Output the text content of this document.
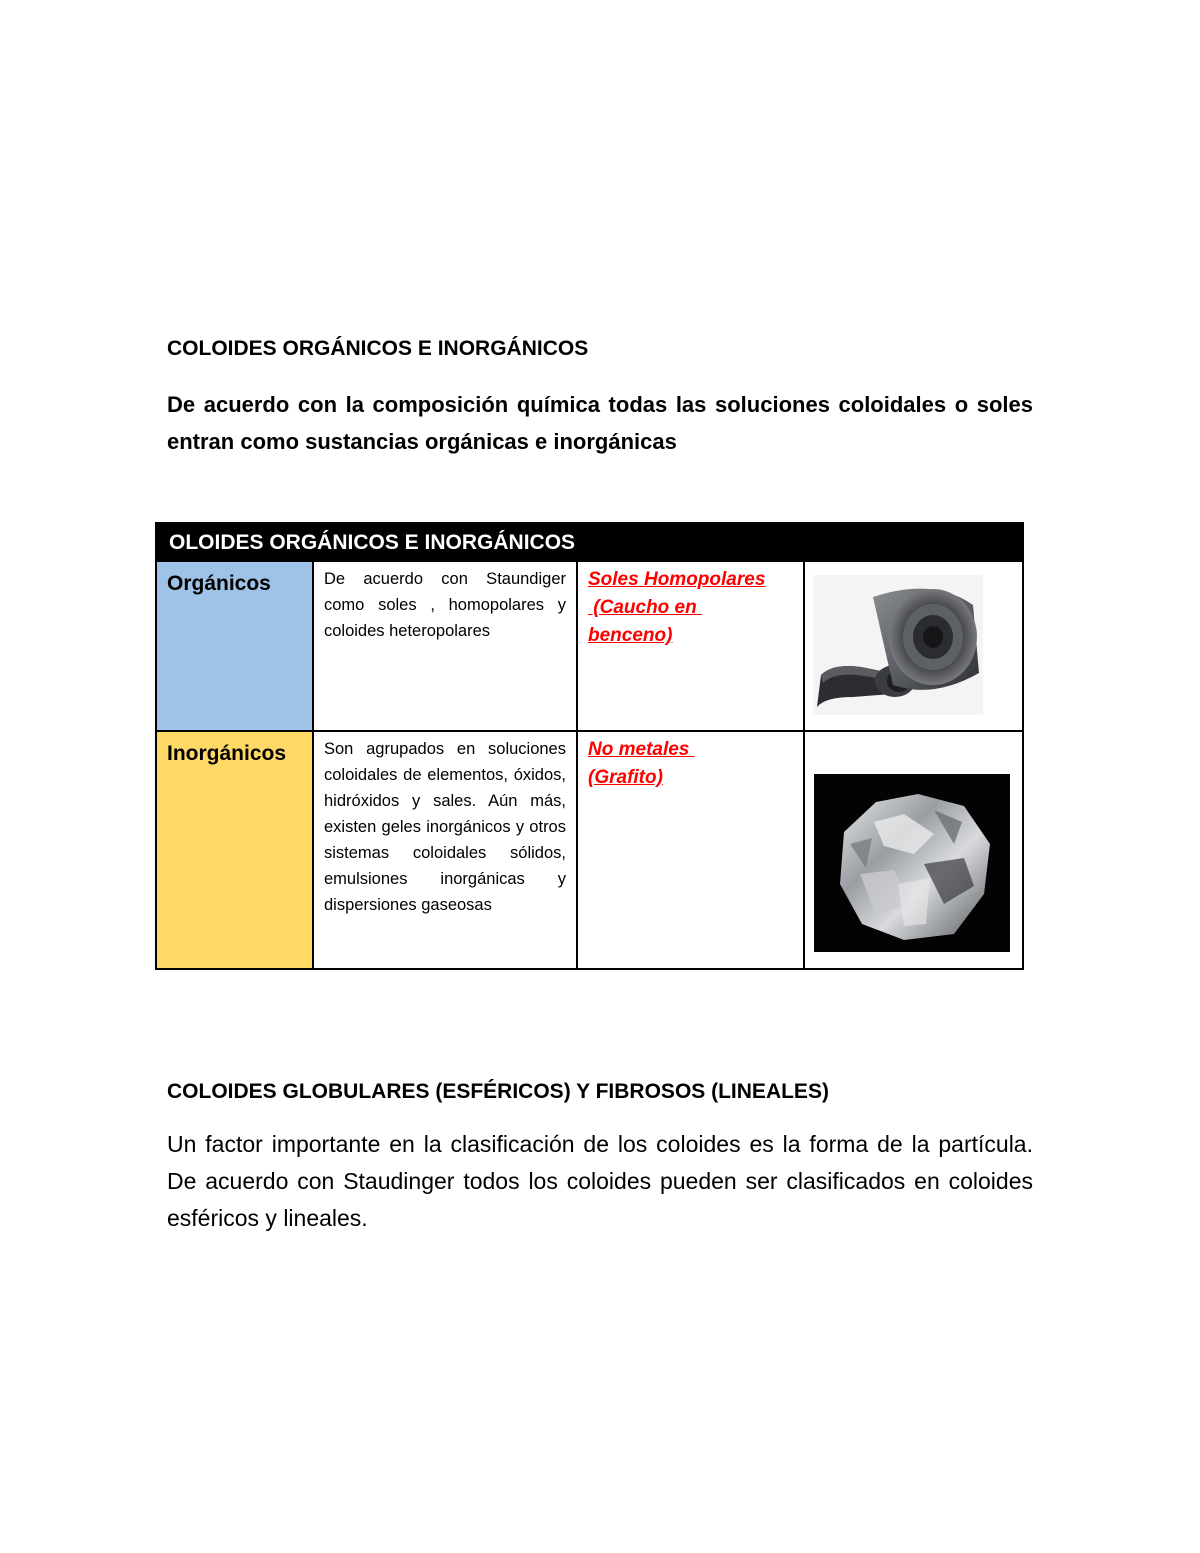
COLOIDES ORGÁNICOS E INORGÁNICOS
De acuerdo con la composición química todas las soluciones coloidales o soles entran como sustancias orgánicas e inorgánicas
OLOIDES ORGÁNICOS E INORGÁNICOS			
Orgánicos	De acuerdo con Staundiger como soles , homopolares y coloides heteropolares	Soles Homopolares
(Caucho en
benceno)

Inorgánicos	Son agrupados en soluciones coloidales de elementos, óxidos, hidróxidos y sales. Aún más, existen geles inorgánicos y otros sistemas coloidales sólidos, emulsiones inorgánicas y dispersiones gaseosas	No metales
(Grafito)

COLOIDES GLOBULARES (ESFÉRICOS) Y FIBROSOS (LINEALES)
Un factor importante en la clasificación de los coloides es la forma de la partícula. De acuerdo con Staudinger todos los coloides pueden ser clasificados en coloides esféricos y lineales.
